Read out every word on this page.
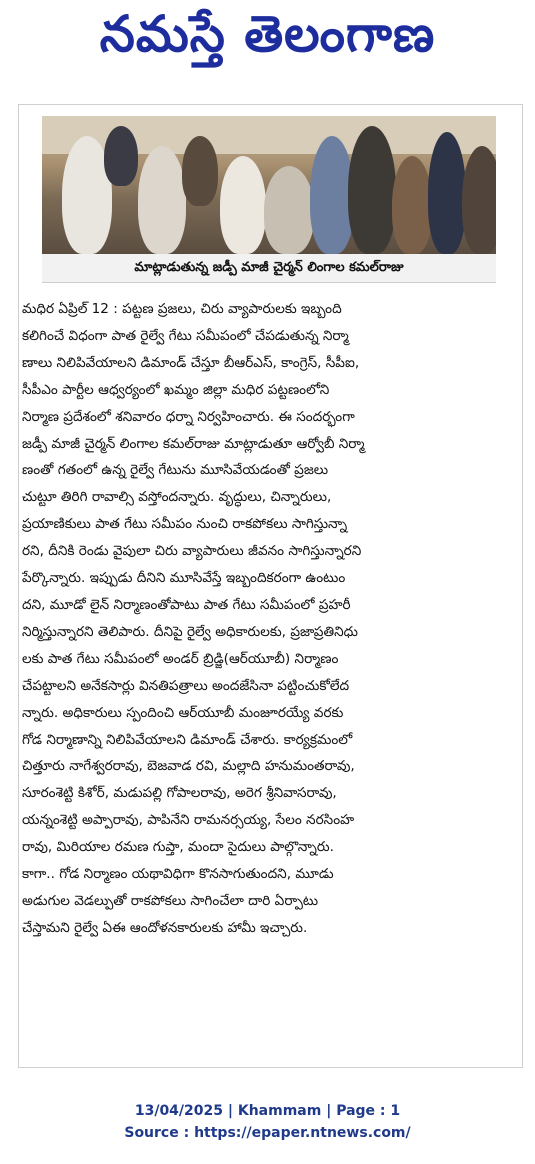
నమస్తే తెలంగాణ
మాట్లాడుతున్న జడ్పీ మాజీ చైర్మన్ లింగాల కమల్‌రాజు
మధిర ఏప్రిల్ 12 : పట్టణ ప్రజలు, చిరు వ్యాపారులకు ఇబ్బంది
కలిగించే విధంగా పాత రైల్వే గేటు సమీపంలో చేపడుతున్న నిర్మా
ణాలు నిలిపివేయాలని డిమాండ్ చేస్తూ బీఆర్ఎస్, కాంగ్రెస్, సీపీఐ,
సీపీఎం పార్టీల ఆధ్వర్యంలో ఖమ్మం జిల్లా మధిర పట్టణంలోని
నిర్మాణ ప్రదేశంలో శనివారం ధర్నా నిర్వహించారు. ఈ సందర్భంగా
జడ్పీ మాజీ చైర్మన్ లింగాల కమల్‌రాజు మాట్లాడుతూ ఆర్వోబీ నిర్మా
ణంతో గతంలో ఉన్న రైల్వే గేటును మూసివేయడంతో ప్రజలు
చుట్టూ తిరిగి రావాల్సి వస్తోందన్నారు. వృద్ధులు, చిన్నారులు,
ప్రయాణికులు పాత గేటు సమీపం నుంచి రాకపోకలు సాగిస్తున్నా
రని, దీనికి రెండు వైపులా చిరు వ్యాపారులు జీవనం సాగిస్తున్నారని
పేర్కొన్నారు. ఇప్పుడు దీనిని మూసివేస్తే ఇబ్బందికరంగా ఉంటుం
దని, మూడో లైన్ నిర్మాణంతోపాటు పాత గేటు సమీపంలో ప్రహరీ
నిర్మిస్తున్నారని తెలిపారు. దీనిపై రైల్వే అధికారులకు, ప్రజాప్రతినిధు
లకు పాత గేటు సమీపంలో అండర్ బ్రిడ్జి(ఆర్‌యూబీ) నిర్మాణం
చేపట్టాలని అనేకసార్లు వినతిపత్రాలు అందజేసినా పట్టించుకోలేద
న్నారు. అధికారులు స్పందించి ఆర్‌యూబీ మంజూరయ్యే వరకు
గోడ నిర్మాణాన్ని నిలిపివేయాలని డిమాండ్ చేశారు. కార్యక్రమంలో
చిత్తూరు నాగేశ్వరరావు, బెజవాడ రవి, మల్లాది హనుమంతరావు,
సూరంశెట్టి కిశోర్, మడుపల్లి గోపాలరావు, అరెగ శ్రీనివాసరావు,
యన్నంశెట్టి అప్పారావు, పాపినేని రామనర్సయ్య, సేలం నరసింహ
రావు, మిరియాల రమణ గుప్తా, మందా సైదులు పాల్గొన్నారు.
కాగా.. గోడ నిర్మాణం యథావిధిగా కొనసాగుతుందని, మూడు
అడుగుల వెడల్పుతో రాకపోకలు సాగించేలా దారి ఏర్పాటు
చేస్తామని రైల్వే ఏఈ ఆందోళనకారులకు హామీ ఇచ్చారు.
13/04/2025 | Khammam | Page : 1
Source : https://epaper.ntnews.com/
